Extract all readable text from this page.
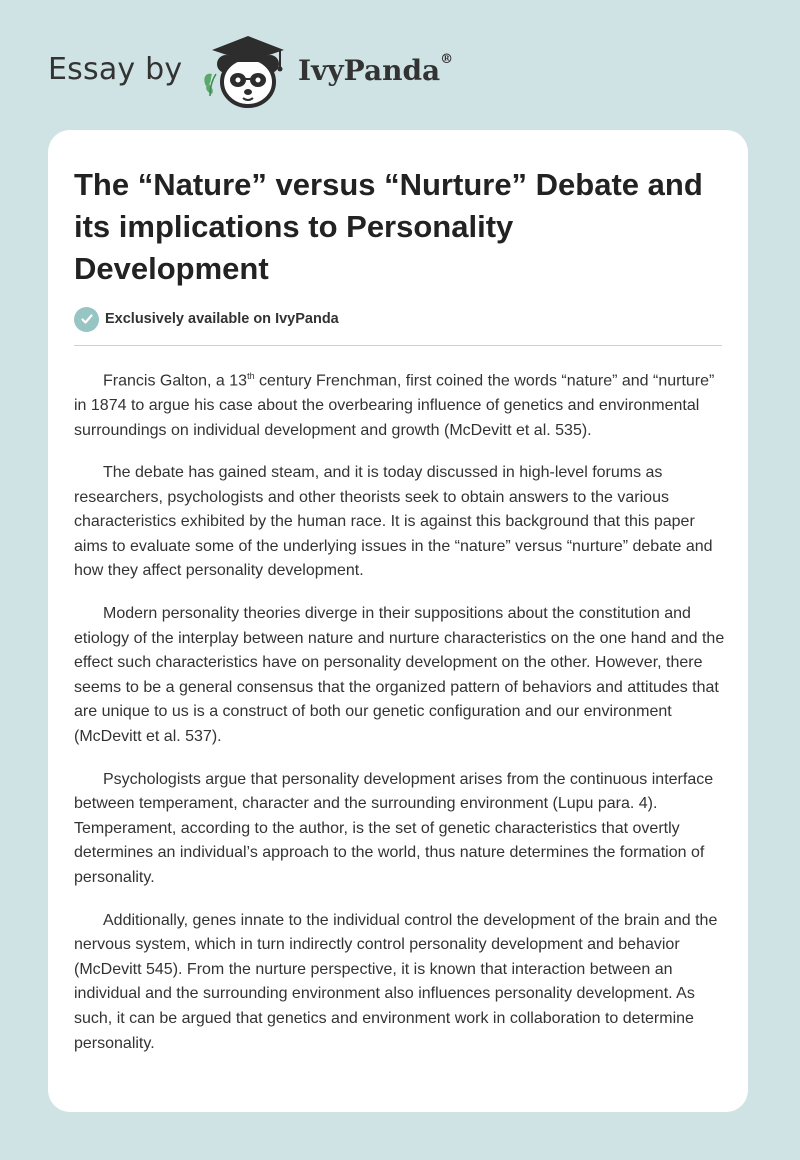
Essay by	IvyPanda®
The “Nature” versus “Nurture” Debate and its implications to Personality Development
Exclusively available on IvyPanda

Francis Galton, a 13th century Frenchman, first coined the words “nature” and “nurture” in 1874 to argue his case about the overbearing influence of genetics and environmental surroundings on individual development and growth (McDevitt et al. 535).

The debate has gained steam, and it is today discussed in high-level forums as researchers, psychologists and other theorists seek to obtain answers to the various characteristics exhibited by the human race. It is against this background that this paper aims to evaluate some of the underlying issues in the “nature” versus “nurture” debate and how they affect personality development.

Modern personality theories diverge in their suppositions about the constitution and etiology of the interplay between nature and nurture characteristics on the one hand and the effect such characteristics have on personality development on the other. However, there seems to be a general consensus that the organized pattern of behaviors and attitudes that are unique to us is a construct of both our genetic configuration and our environment (McDevitt et al. 537).

Psychologists argue that personality development arises from the continuous interface between temperament, character and the surrounding environment (Lupu para. 4). Temperament, according to the author, is the set of genetic characteristics that overtly determines an individual’s approach to the world, thus nature determines the formation of personality.

Additionally, genes innate to the individual control the development of the brain and the nervous system, which in turn indirectly control personality development and behavior (McDevitt 545). From the nurture perspective, it is known that interaction between an individual and the surrounding environment also influences personality development. As such, it can be argued that genetics and environment work in collaboration to determine personality.
